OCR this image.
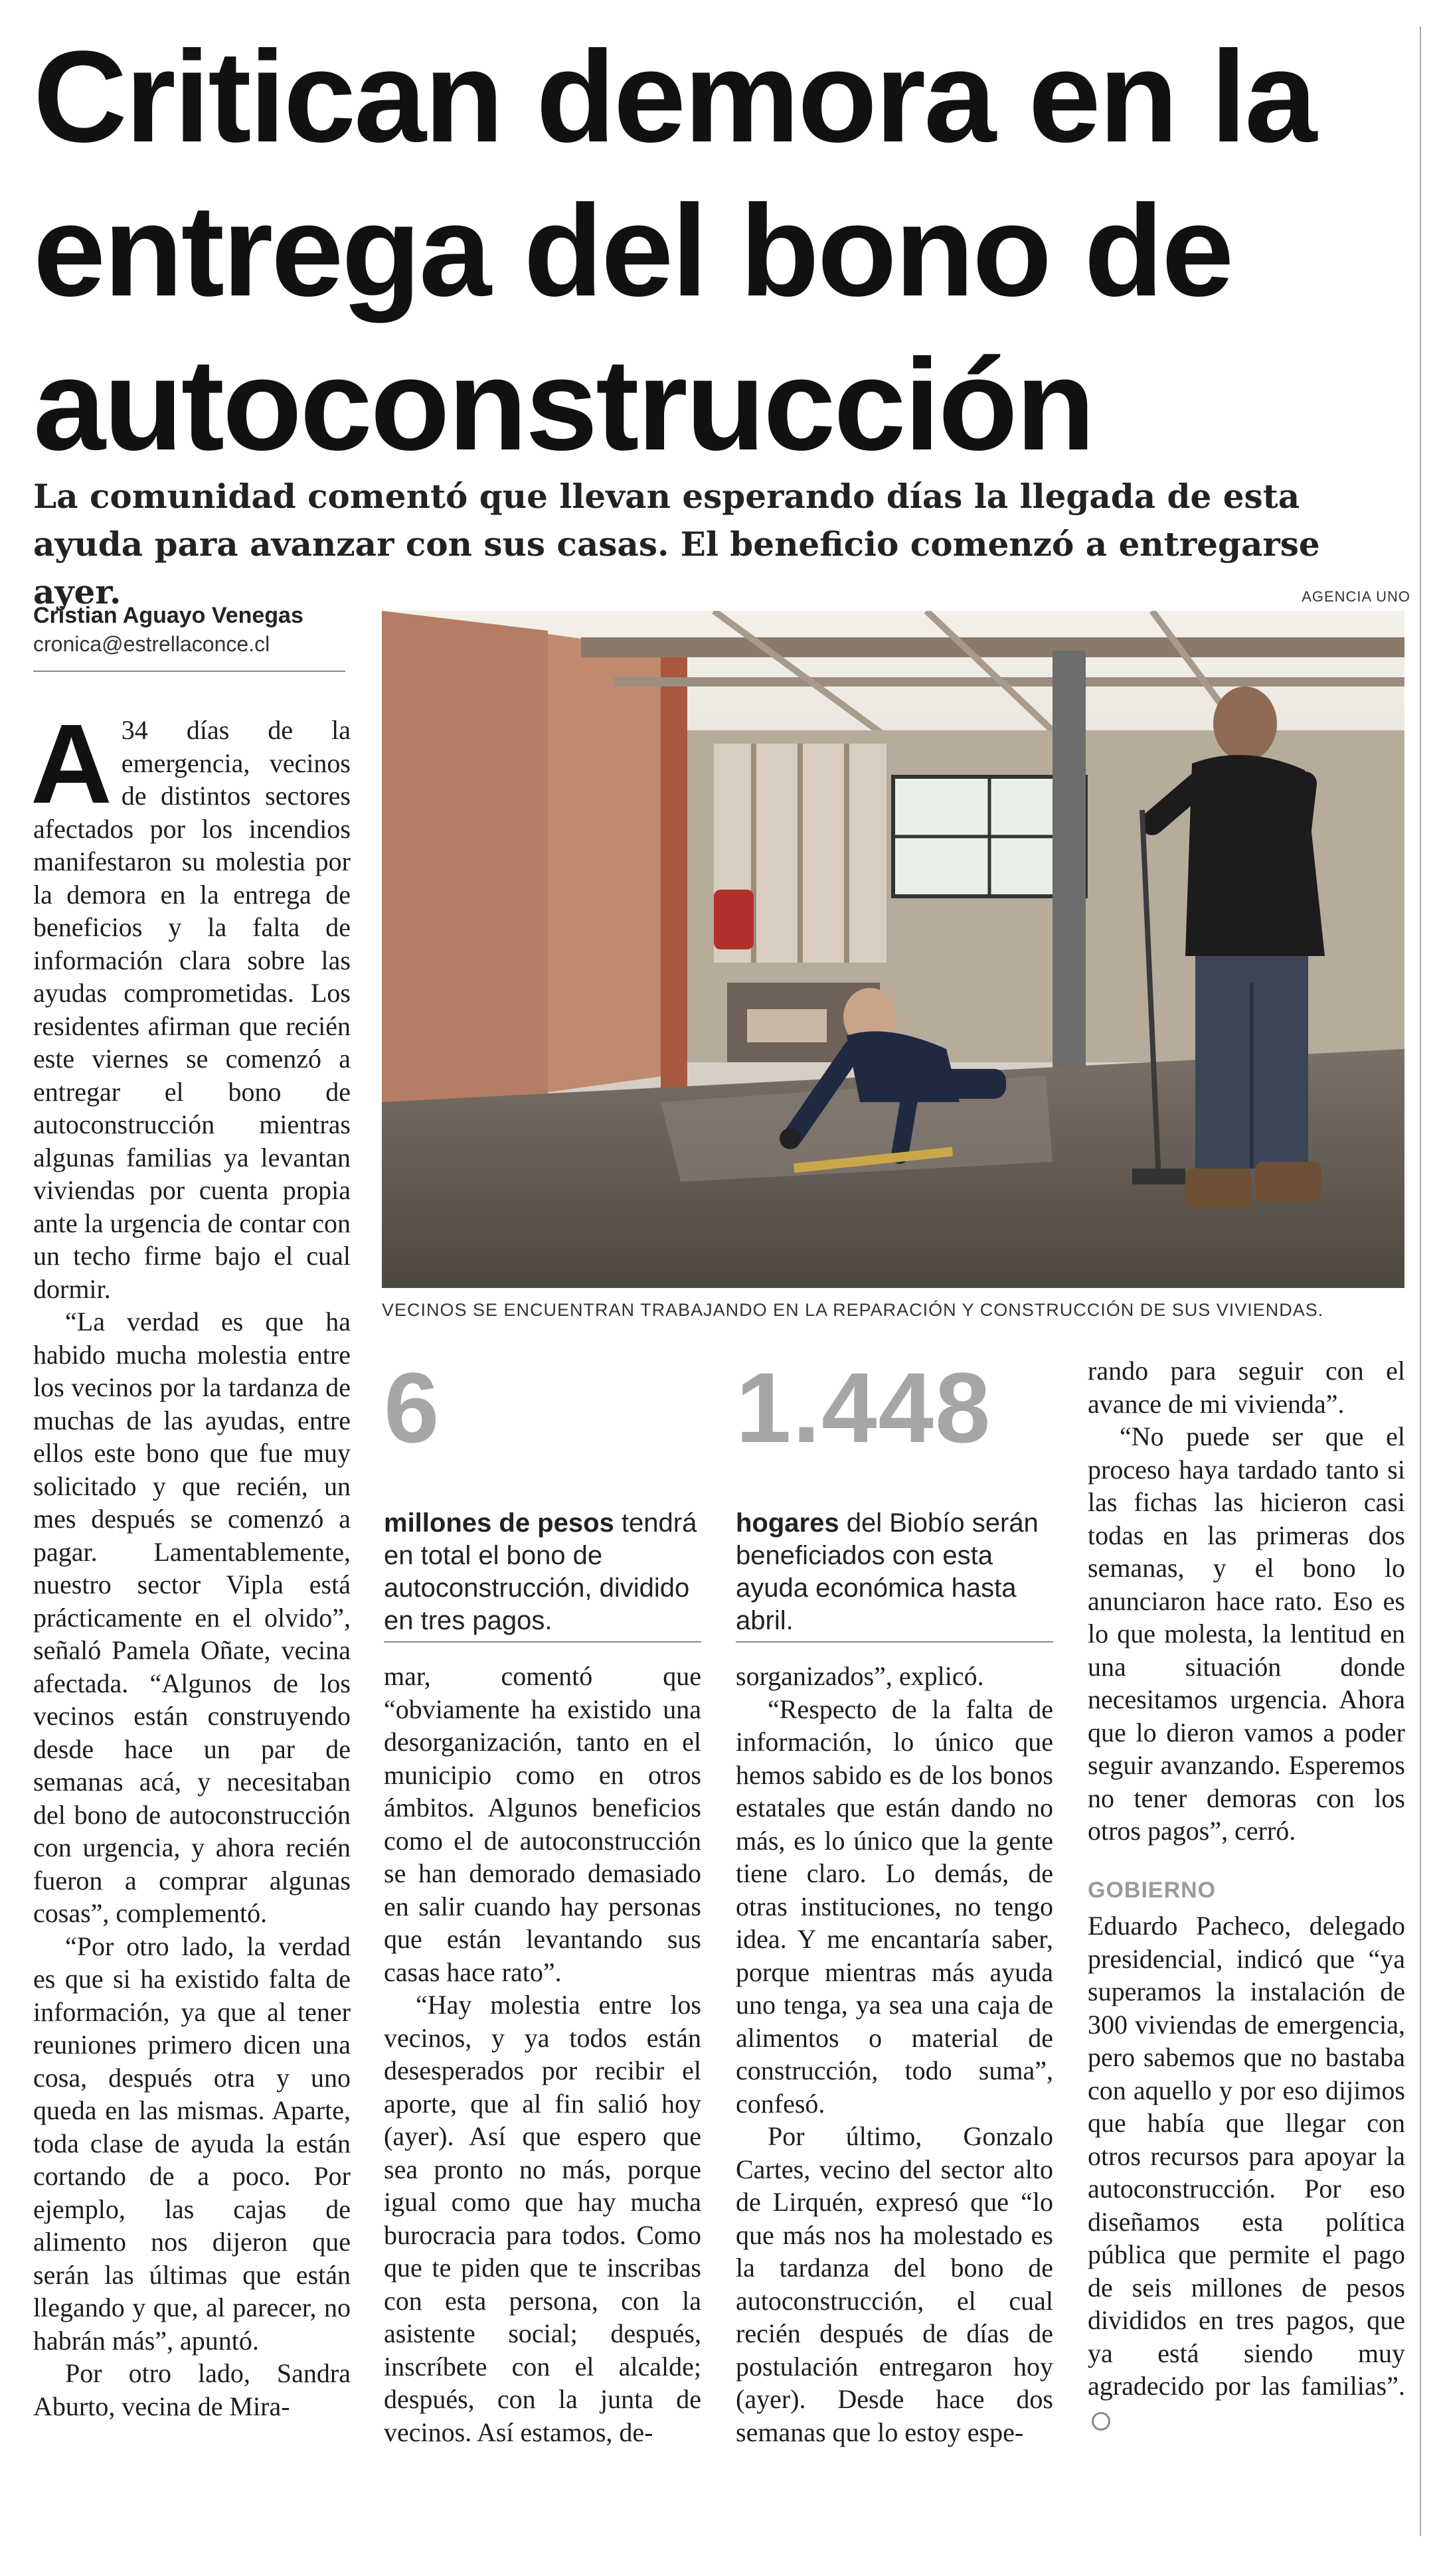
Critican demora en la entrega del bono de autoconstrucción

La comunidad comentó que llevan esperando días la llegada de esta ayuda para avanzar con sus casas. El beneficio comenzó a entregarse ayer.

Cristian Aguayo Venegas
cronica@estrellaconce.cl
AGENCIA UNO
VECINOS SE ENCUENTRAN TRABAJANDO EN LA REPARACIÓN Y CONSTRUCCIÓN DE SUS VIVIENDAS.

A 34 días de la emergencia, vecinos de distintos sectores afectados por los incendios manifestaron su molestia por la demora en la entrega de beneficios y la falta de información clara sobre las ayudas comprometidas. Los residentes afirman que recién este viernes se comenzó a entregar el bono de autoconstrucción mientras algunas familias ya levantan viviendas por cuenta propia ante la urgencia de contar con un techo firme bajo el cual dormir.

“La verdad es que ha habido mucha molestia entre los vecinos por la tardanza de muchas de las ayudas, entre ellos este bono que fue muy solicitado y que recién, un mes después se comenzó a pagar. Lamentablemente, nuestro sector Vipla está prácticamente en el olvido”, señaló Pamela Oñate, vecina afectada. “Algunos de los vecinos están construyendo desde hace un par de semanas acá, y necesitaban del bono de autoconstrucción con urgencia, y ahora recién fueron a comprar algunas cosas”, complementó.

“Por otro lado, la verdad es que si ha existido falta de información, ya que al tener reuniones primero dicen una cosa, después otra y uno queda en las mismas. Aparte, toda clase de ayuda la están cortando de a poco. Por ejemplo, las cajas de alimento nos dijeron que serán las últimas que están llegando y que, al parecer, no habrán más”, apuntó.

Por otro lado, Sandra Aburto, vecina de Mira-

6
millones de pesos tendrá en total el bono de autoconstrucción, dividido en tres pagos.

mar, comentó que “obviamente ha existido una desorganización, tanto en el municipio como en otros ámbitos. Algunos beneficios como el de autoconstrucción se han demorado demasiado en salir cuando hay personas que están levantando sus casas hace rato”.

“Hay molestia entre los vecinos, y ya todos están desesperados por recibir el aporte, que al fin salió hoy (ayer). Así que espero que sea pronto no más, porque igual como que hay mucha burocracia para todos. Como que te piden que te inscribas con esta persona, con la asistente social; después, inscríbete con el alcalde; después, con la junta de vecinos. Así estamos, de-

1.448
hogares del Biobío serán beneficiados con esta ayuda económica hasta abril.

sorganizados”, explicó.

“Respecto de la falta de información, lo único que hemos sabido es de los bonos estatales que están dando no más, es lo único que la gente tiene claro. Lo demás, de otras instituciones, no tengo idea. Y me encantaría saber, porque mientras más ayuda uno tenga, ya sea una caja de alimentos o material de construcción, todo suma”, confesó.

Por último, Gonzalo Cartes, vecino del sector alto de Lirquén, expresó que “lo que más nos ha molestado es la tardanza del bono de autoconstrucción, el cual recién después de días de postulación entregaron hoy (ayer). Desde hace dos semanas que lo estoy espe-

rando para seguir con el avance de mi vivienda”.

“No puede ser que el proceso haya tardado tanto si las fichas las hicieron casi todas en las primeras dos semanas, y el bono lo anunciaron hace rato. Eso es lo que molesta, la lentitud en una situación donde necesitamos urgencia. Ahora que lo dieron vamos a poder seguir avanzando. Esperemos no tener demoras con los otros pagos”, cerró.

GOBIERNO

Eduardo Pacheco, delegado presidencial, indicó que “ya superamos la instalación de 300 viviendas de emergencia, pero sabemos que no bastaba con aquello y por eso dijimos que había que llegar con otros recursos para apoyar la autoconstrucción. Por eso diseñamos esta política pública que permite el pago de seis millones de pesos divididos en tres pagos, que ya está siendo muy agradecido por las familias”.
